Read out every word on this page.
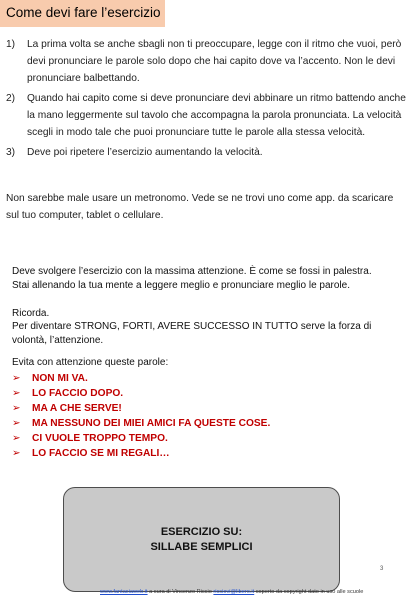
Come devi fare l’esercizio
1) La prima volta se anche sbagli non ti preoccupare, legge con il ritmo che vuoi, però devi pronunciare le parole solo dopo che hai capito dove va l’accento. Non le devi pronunciare balbettando.
2) Quando hai capito come si deve pronunciare devi abbinare un ritmo battendo anche la mano leggermente sul tavolo che accompagna la parola pronunciata. La velocità scegli in modo tale che puoi pronunciare tutte le parole alla stessa velocità.
3) Deve poi ripetere l’esercizio aumentando la velocità.
Non sarebbe male usare un metronomo. Vede se ne trovi uno come app. da scaricare sul tuo computer, tablet o cellulare.
Deve svolgere l’esercizio con la massima attenzione. È come se fossi in palestra.
Stai allenando la tua mente a leggere meglio e pronunciare meglio le parole.
Ricorda.
Per diventare STRONG, FORTI, AVERE SUCCESSO IN TUTTO serve la forza di volontà, l’attenzione.
Evita con attenzione queste parole:
➢ NON MI VA.
➢ LO FACCIO DOPO.
➢ MA A CHE SERVE!
➢ MA NESSUNO DEI MIEI AMICI FA QUESTE COSE.
➢ CI VUOLE TROPPO TEMPO.
➢ LO FACCIO SE MI REGALI…
ESERCIZIO SU:
SILLABE SEMPLICI
3
www.fantasiaweb.it a cura di Vincenzo Riccio ricciovi@libero.it coperto da copyright dato in uso alle scuole
